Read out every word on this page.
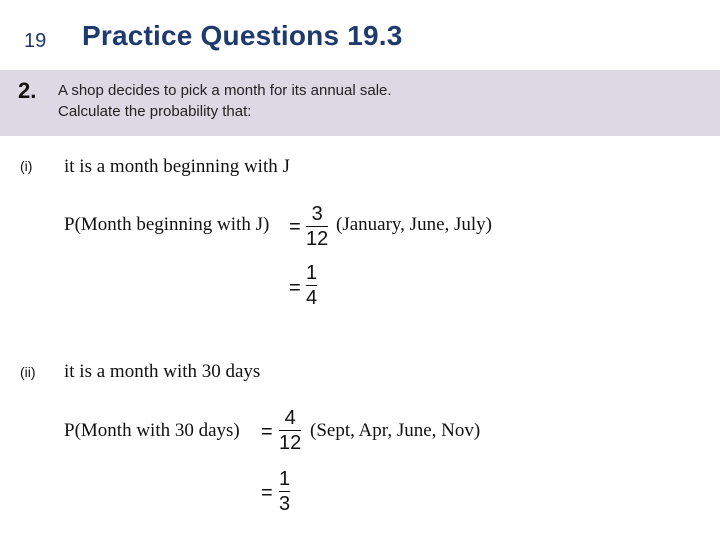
19	Practice Questions 19.3
2. A shop decides to pick a month for its annual sale.
Calculate the probability that:
(i) it is a month beginning with J
P(Month beginning with J) =
3
12
(January, June, July)
=
1
4
(ii) it is a month with 30 days
P(Month with 30 days) =
4
12
(Sept, Apr, June, Nov)
=
1
3
